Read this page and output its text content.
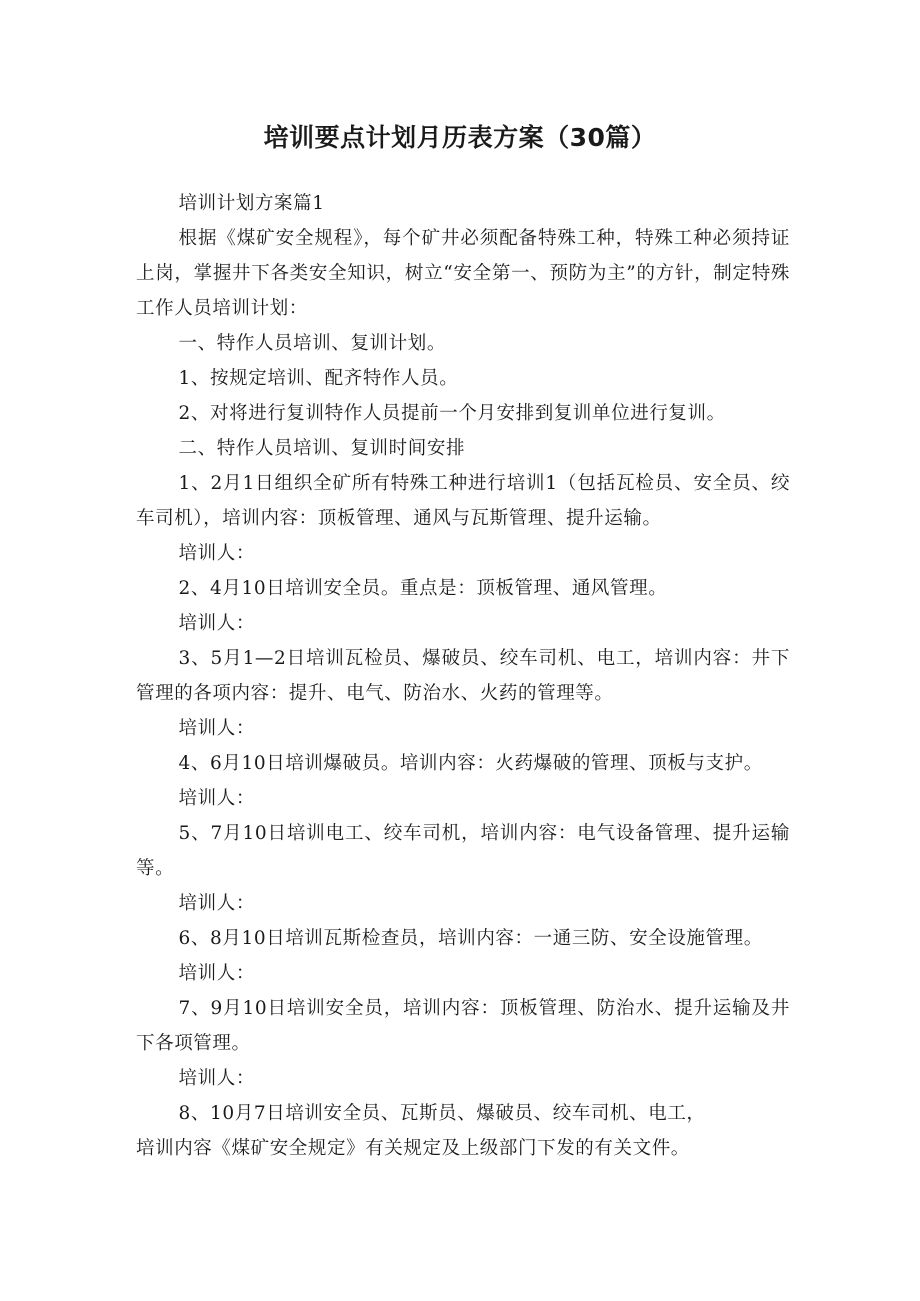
培训要点计划月历表方案（30篇）

培训计划方案篇1

根据《煤矿安全规程》，每个矿井必须配备特殊工种，特殊工种必须持证上岗，掌握井下各类安全知识，树立“安全第一、预防为主”的方针，制定特殊工作人员培训计划：

一、特作人员培训、复训计划。

1、按规定培训、配齐特作人员。

2、对将进行复训特作人员提前一个月安排到复训单位进行复训。

二、特作人员培训、复训时间安排

1、2月1日组织全矿所有特殊工种进行培训1（包括瓦检员、安全员、绞车司机），培训内容：顶板管理、通风与瓦斯管理、提升运输。

培训人：

2、4月10日培训安全员。重点是：顶板管理、通风管理。

培训人：

3、5月1—2日培训瓦检员、爆破员、绞车司机、电工，培训内容：井下管理的各项内容：提升、电气、防治水、火药的管理等。

培训人：

4、6月10日培训爆破员。培训内容：火药爆破的管理、顶板与支护。

培训人：

5、7月10日培训电工、绞车司机，培训内容：电气设备管理、提升运输等。

培训人：

6、8月10日培训瓦斯检查员，培训内容：一通三防、安全设施管理。

培训人：

7、9月10日培训安全员，培训内容：顶板管理、防治水、提升运输及井下各项管理。

培训人：

8、10月7日培训安全员、瓦斯员、爆破员、绞车司机、电工，

培训内容《煤矿安全规定》有关规定及上级部门下发的有关文件。
